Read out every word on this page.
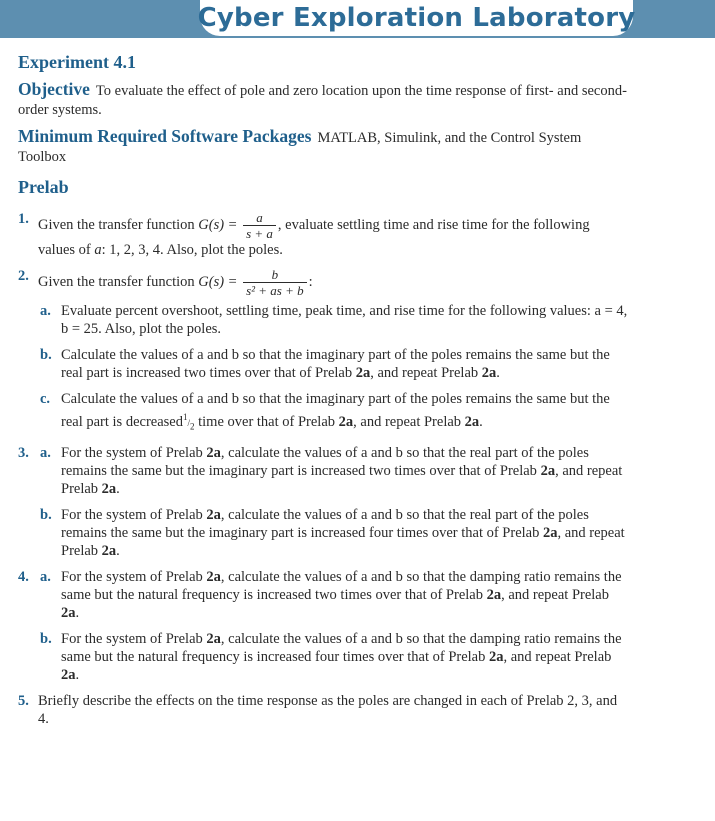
Cyber Exploration Laboratory
Experiment 4.1

Objective To evaluate the effect of pole and zero location upon the time response of first- and second-order systems.

Minimum Required Software Packages MATLAB, Simulink, and the Control System Toolbox

Prelab
1. Given the transfer function $G(s) = \frac{a}{s + a}$ , evaluate settling time and rise time for the following values of a: 1, 2, 3, 4. Also, plot the poles.
2. Given the transfer function $G(s) = \frac{b}{\text{s² + as + b}}$ :
a. Evaluate percent overshoot, settling time, peak time, and rise time for the following values: a = 4, b = 25. Also, plot the poles.
b. Calculate the values of a and b so that the imaginary part of the poles remains the same but the real part is increased two times over that of Prelab 2a, and repeat Prelab 2a.
c. Calculate the values of a and b so that the imaginary part of the poles remains the same but the real part is $decreased^1/_2$ time over that of Prelab 2a, and repeat Prelab 2a.
3. a. For the system of Prelab 2a, calculate the values of a and b so that the real part of the poles remains the same but the imaginary part is increased two times over that of Prelab 2a, and repeat Prelab 2a.
b. For the system of Prelab 2a, calculate the values of a and b so that the real part of the poles remains the same but the imaginary part is increased four times over that of Prelab 2a, and repeat Prelab 2a.
4. a. For the system of Prelab 2a, calculate the values of a and b so that the damping ratio remains the same but the natural frequency is increased two times over that of Prelab 2a, and repeat Prelab 2a.
b. For the system of Prelab 2a, calculate the values of a and b so that the damping ratio remains the same but the natural frequency is increased four times over that of Prelab 2a, and repeat Prelab 2a.
5. Briefly describe the effects on the time response as the poles are changed in each of Prelab 2, 3, and 4.
